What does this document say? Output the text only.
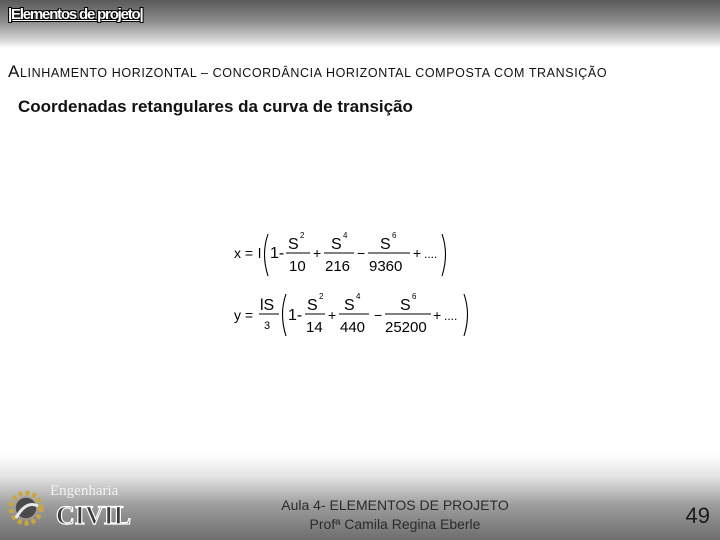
|Elementos de projeto|
ALINHAMENTO HORIZONTAL – CONCORDÂNCIA HORIZONTAL COMPOSTA COM TRANSIÇÃO
Coordenadas retangulares da curva de transição
x = l 1-
S
2
10
+ S
4
216
− S
6
9360
+ ....
y =
lS
3
1-
S
2
14
+
S
4
440
−
S
6
25200
+ ....
Engenharia
CIVIL	Aula 4- ELEMENTOS DE PROJETO
Profª Camila Regina Eberle	49
